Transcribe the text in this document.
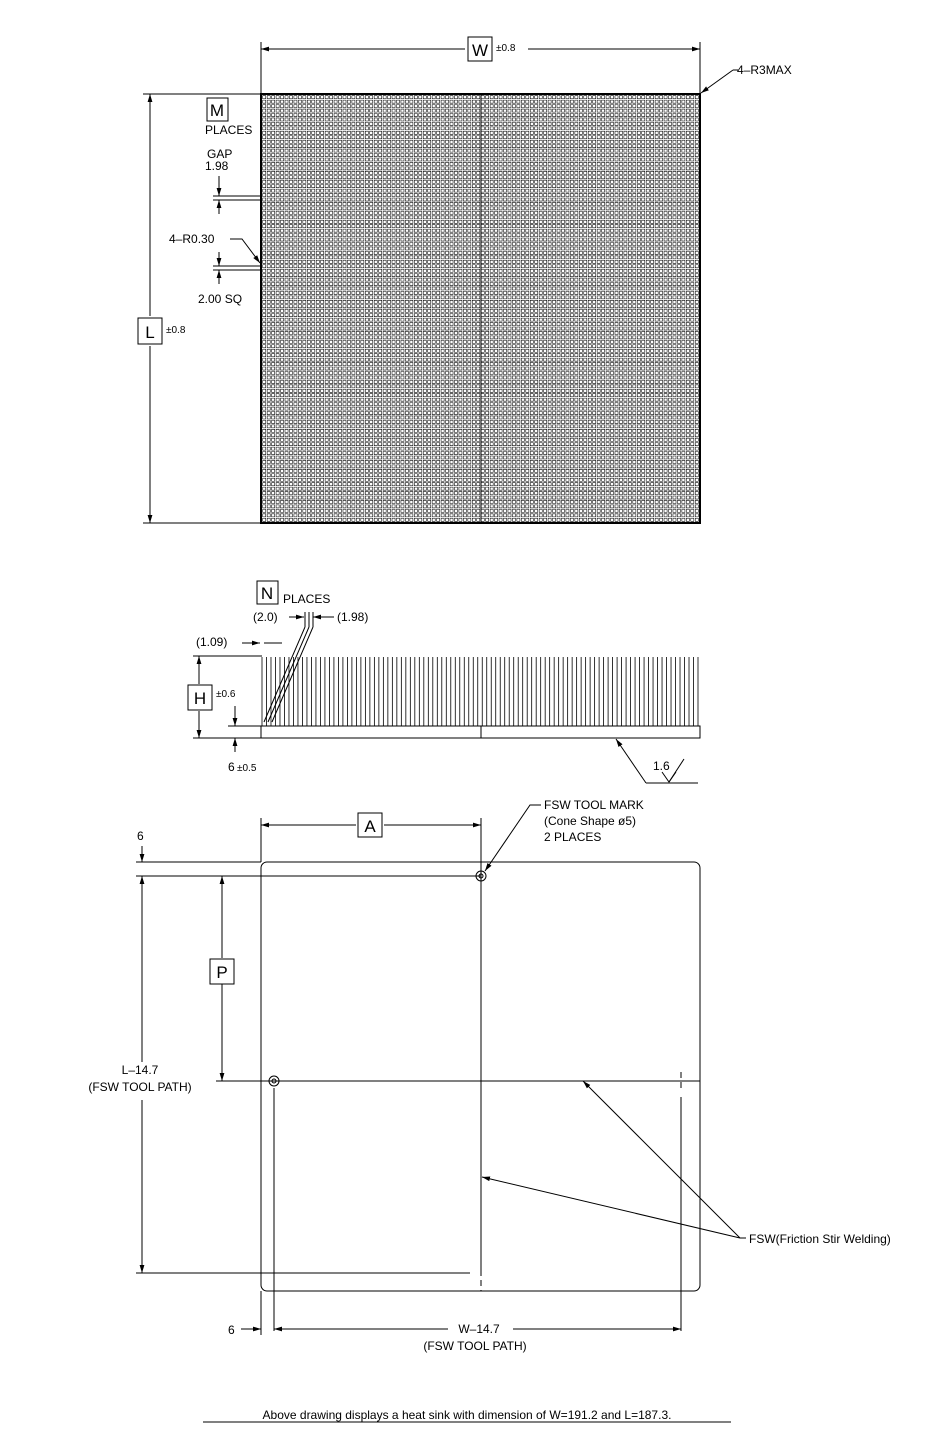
W ±0.8
4–R3MAX
L ±0.8
M
PLACES
GAP
1.98
4–R0.30
2.00 SQ
N PLACES
(2.0)	(1.98)
(1.09)
H ±0.6
6 ±0.5	1.6
A
FSW TOOL MARK
(Cone Shape ø5)
2 PLACES
6
P
L–14.7
(FSW TOOL PATH)
6	W–14.7
(FSW TOOL PATH)
FSW(Friction Stir Welding)
Above drawing displays a heat sink with dimension of W=191.2 and L=187.3.
